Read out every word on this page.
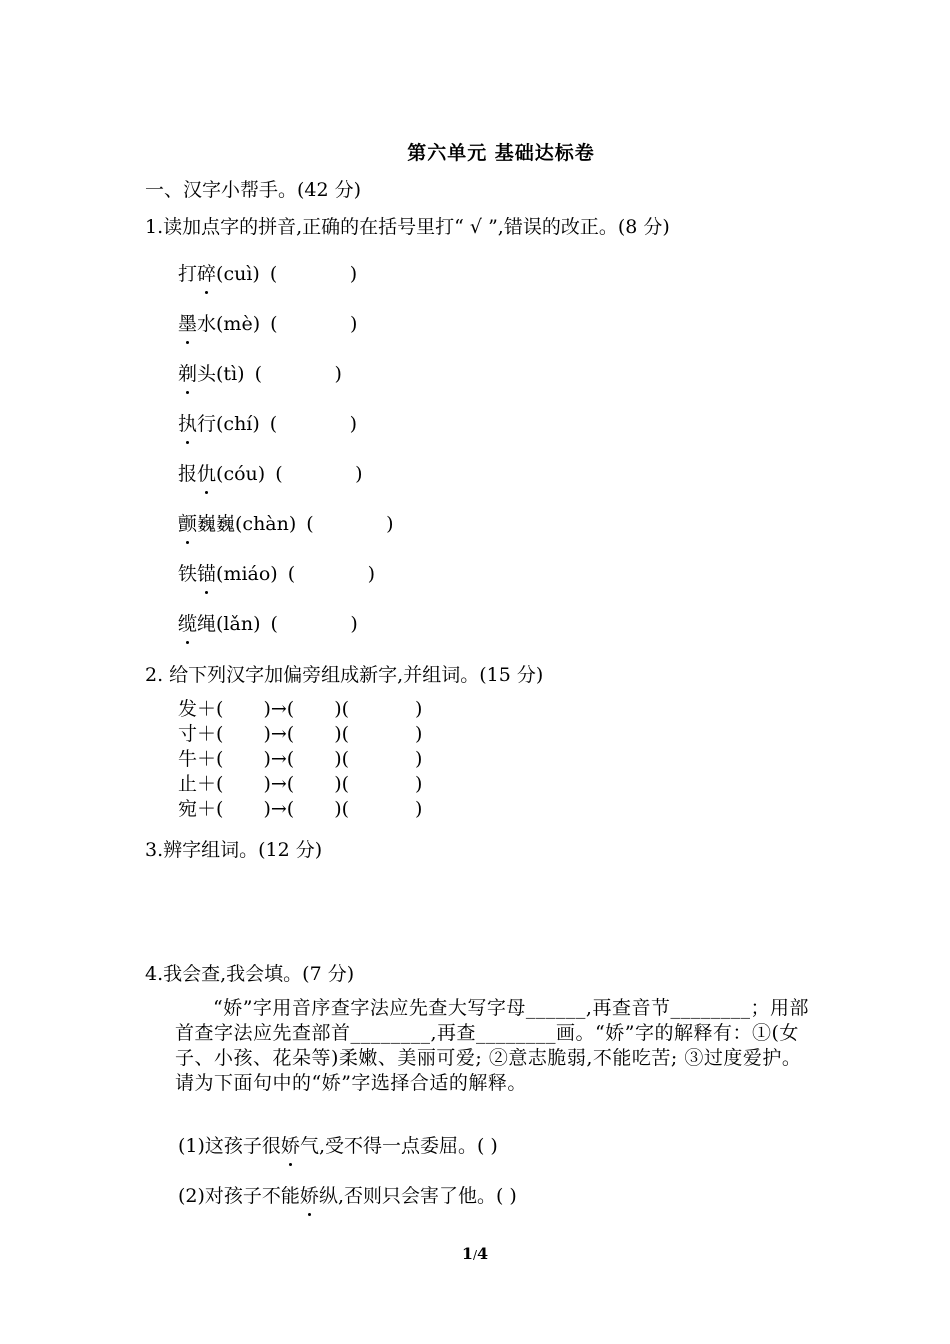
第六单元 基础达标卷
一、汉字小帮手。(42 分)
1.读加点字的拼音,正确的在括号里打“ √ ”,错误的改正。(8 分)
打碎(cuì) (            )
墨水(mè) (            )
剃头(tì) (            )
执行(chí) (            )
报仇(cóu) (            )
颤巍巍(chàn) (            )
铁锚(miáo) (            )
缆绳(lǎn) (            )
2. 给下列汉字加偏旁组成新字,并组词。(15 分)
发＋( )→( )(	)
寸＋( )→( )(	)
牛＋( )→( )(	)
止＋( )→( )(	)
宛＋( )→( )(	)
3.辨字组词。(12 分)
4.我会查,我会填。(7 分)
“娇”字用音序查字法应先查大写字母______,再查音节________；用部首查字法应先查部首________,再查________画。“娇”字的解释有：①(女子、小孩、花朵等)柔嫩、美丽可爱; ②意志脆弱,不能吃苦; ③过度爱护。请为下面句中的“娇”字选择合适的解释。
(1)这孩子很娇气,受不得一点委屈。( )
(2)对孩子不能娇纵,否则只会害了他。( )
1/4
